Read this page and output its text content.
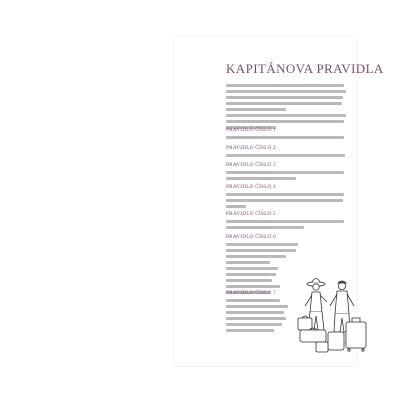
KAPITÁNOVA PRAVIDLA
PRAVIDLO ČÍSLO 1
PRAVIDLO ČÍSLO 2
PRAVIDLO ČÍSLO 3
PRAVIDLO ČÍSLO 4
PRAVIDLO ČÍSLO 5
PRAVIDLO ČÍSLO 6
PRAVIDLO ČÍSLO 7
7
